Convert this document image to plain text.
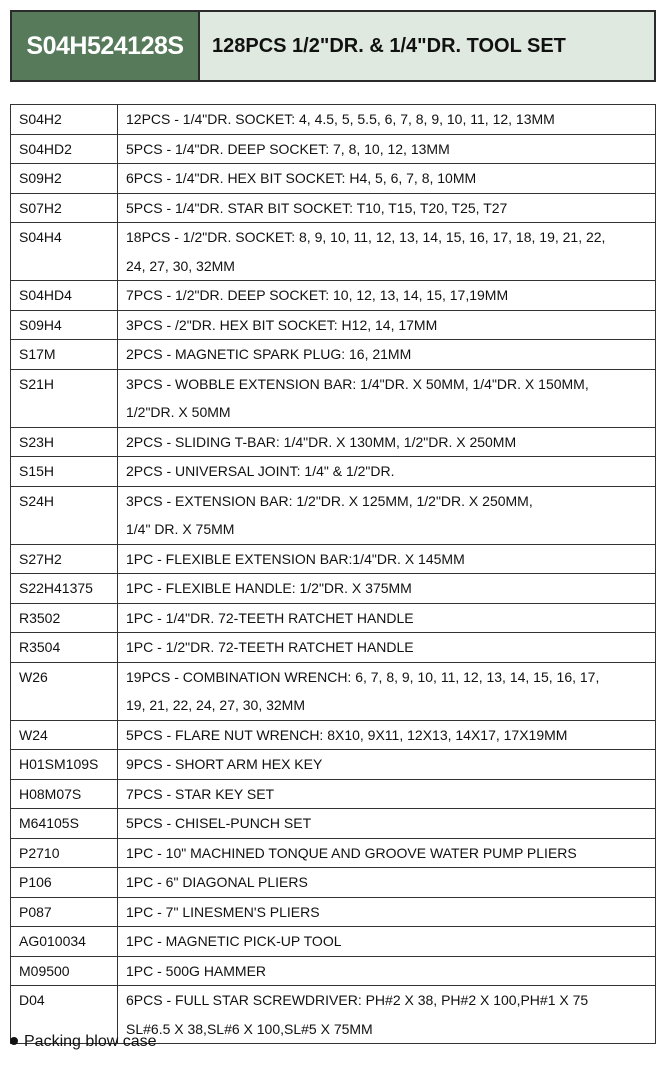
S04H524128S	128PCS 1/2"DR. & 1/4"DR. TOOL SET
S04H2	12PCS - 1/4"DR. SOCKET: 4, 4.5, 5, 5.5, 6, 7, 8, 9, 10, 11, 12, 13MM

S04HD2	5PCS - 1/4"DR. DEEP SOCKET: 7, 8, 10, 12, 13MM

S09H2	6PCS - 1/4"DR. HEX BIT SOCKET: H4, 5, 6, 7, 8, 10MM

S07H2	5PCS - 1/4"DR. STAR BIT SOCKET: T10, T15, T20, T25, T27

S04H4	18PCS - 1/2"DR. SOCKET: 8, 9, 10, 11, 12, 13, 14, 15, 16, 17, 18, 19, 21, 22,
24, 27, 30, 32MM

S04HD4	7PCS - 1/2"DR. DEEP SOCKET: 10, 12, 13, 14, 15, 17,19MM

S09H4	3PCS - /2"DR. HEX BIT SOCKET: H12, 14, 17MM

S17M	2PCS - MAGNETIC SPARK PLUG: 16, 21MM

S21H	3PCS - WOBBLE EXTENSION BAR: 1/4"DR. X 50MM, 1/4"DR. X 150MM,
1/2"DR. X 50MM

S23H	2PCS - SLIDING T-BAR: 1/4"DR. X 130MM, 1/2"DR. X 250MM

S15H	2PCS - UNIVERSAL JOINT: 1/4" & 1/2"DR.

S24H	3PCS - EXTENSION BAR: 1/2"DR. X 125MM, 1/2"DR. X 250MM,
1/4" DR. X 75MM

S27H2	1PC - FLEXIBLE EXTENSION BAR:1/4"DR. X 145MM

S22H41375	1PC - FLEXIBLE HANDLE: 1/2"DR. X 375MM

R3502	1PC - 1/4"DR. 72-TEETH RATCHET HANDLE

R3504	1PC - 1/2"DR. 72-TEETH RATCHET HANDLE

W26	19PCS - COMBINATION WRENCH: 6, 7, 8, 9, 10, 11, 12, 13, 14, 15, 16, 17,
19, 21, 22, 24, 27, 30, 32MM

W24	5PCS - FLARE NUT WRENCH: 8X10, 9X11, 12X13, 14X17, 17X19MM

H01SM109S	9PCS - SHORT ARM HEX KEY

H08M07S	7PCS - STAR KEY SET

M64105S	5PCS - CHISEL-PUNCH SET

P2710	1PC - 10" MACHINED TONQUE AND GROOVE WATER PUMP PLIERS

P106	1PC - 6" DIAGONAL PLIERS

P087	1PC - 7" LINESMEN'S PLIERS

AG010034	1PC - MAGNETIC PICK-UP TOOL

M09500	1PC - 500G HAMMER

D04	6PCS - FULL STAR SCREWDRIVER: PH#2 X 38, PH#2 X 100,PH#1 X 75
SL#6.5 X 38,SL#6 X 100,SL#5 X 75MM
Packing blow case
